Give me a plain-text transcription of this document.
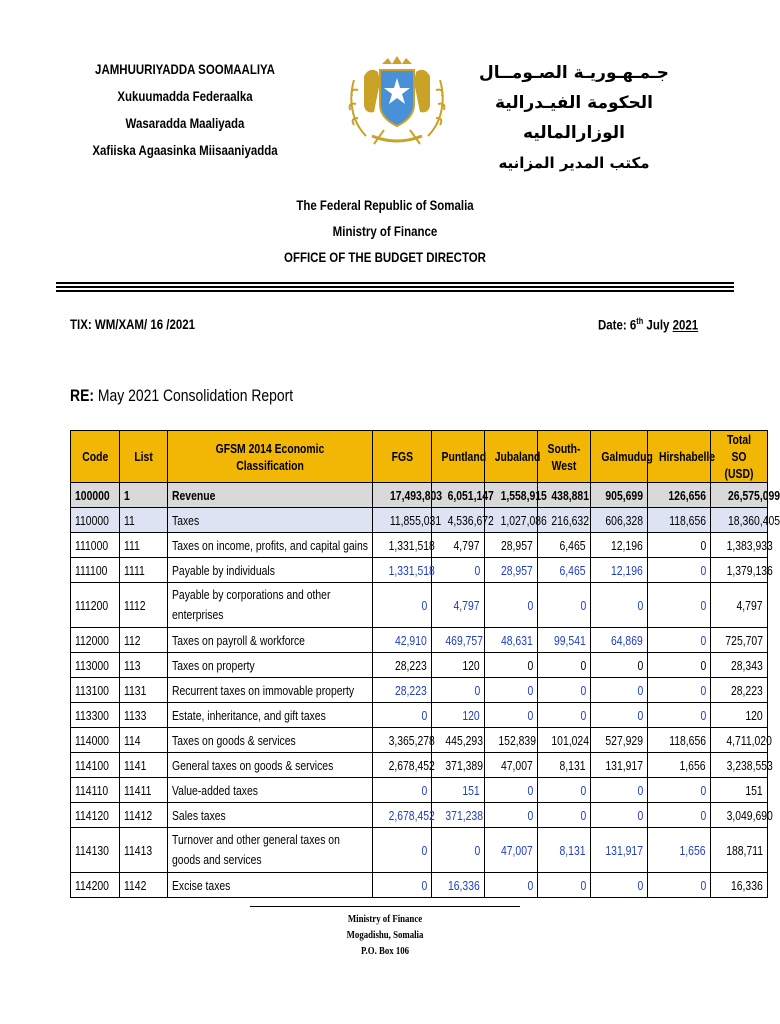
JAMHUURIYADDA SOOMAALIYA
Xukuumadda Federaalka
Wasaradda Maaliyada
Xafiiska Agaasinka Miisaaniyadda
جـمـهـوريـة الصـومــال
الحكومة الفيـدرالية
الوزارالماليه
مكتب المدير المزانيه
The Federal Republic of Somalia
Ministry of Finance
OFFICE OF THE BUDGET DIRECTOR
TIX: WM/XAM/ 16 /2021	Date: 6th July 2021
RE: May 2021 Consolidation Report
Code	List	GFSM 2014 Economic Classification	FGS	Puntland	Jubaland	South-West	Galmudug	Hirshabelle	Total SO (USD)
100000	1	Revenue	17,493,803	6,051,147	1,558,915	438,881	905,699	126,656	26,575,099
110000	11	Taxes	11,855,031	4,536,672	1,027,086	216,632	606,328	118,656	18,360,405
111000	111	Taxes on income, profits, and capital gains	1,331,518	4,797	28,957	6,465	12,196	0	1,383,933
111100	1111	Payable by individuals	1,331,518	0	28,957	6,465	12,196	0	1,379,136
111200	1112	Payable by corporations and other enterprises	0	4,797	0	0	0	0	4,797
112000	112	Taxes on payroll & workforce	42,910	469,757	48,631	99,541	64,869	0	725,707
113000	113	Taxes on property	28,223	120	0	0	0	0	28,343
113100	1131	Recurrent taxes on immovable property	28,223	0	0	0	0	0	28,223
113300	1133	Estate, inheritance, and gift taxes	0	120	0	0	0	0	120
114000	114	Taxes on goods & services	3,365,278	445,293	152,839	101,024	527,929	118,656	4,711,020
114100	1141	General taxes on goods & services	2,678,452	371,389	47,007	8,131	131,917	1,656	3,238,553
114110	11411	Value-added taxes	0	151	0	0	0	0	151
114120	11412	Sales taxes	2,678,452	371,238	0	0	0	0	3,049,690
114130	11413	Turnover and other general taxes on goods and services	0	0	47,007	8,131	131,917	1,656	188,711
114200	1142	Excise taxes	0	16,336	0	0	0	0	16,336
Ministry of Finance
Mogadishu, Somalia
P.O. Box 106
